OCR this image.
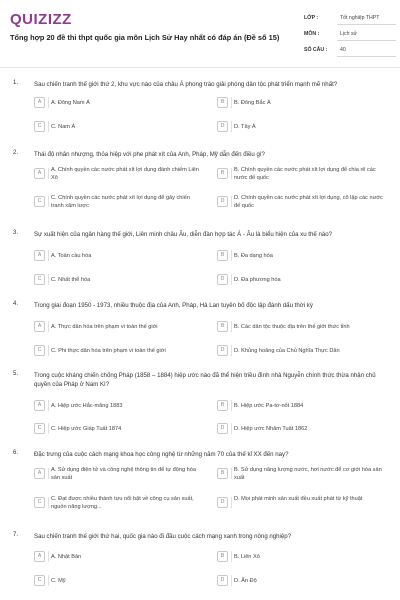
QUIZIZZ
Tổng hợp 20 đề thi thpt quốc gia môn Lịch Sử Hay nhất có đáp án (Đề số 15)
LỚP :	Tốt nghiệp THPT
MÔN :	Lịch sử
SỐ CÂU : 40
1.	Sau chiến tranh thế giới thứ 2, khu vực nào của châu Á phong trào giải phóng dân tộc phát triển mạnh mẽ nhất?
A	A. Đông Nam Á	B	B. Đông Bắc Á
C	C. Nam Á	D	D. Tây Á
2.	Thái độ nhân nhượng, thỏa hiệp với phe phát xít của Anh, Pháp, Mỹ dẫn đến điều gì?
A	A. Chính quyền các nước phát xít lợi dụng đánh chiếm Liên Xô
B	B. Chính quyền các nước phát xít lợi dụng để chia rẽ các nước đế quốc
C	C. Chính quyền các nước phát xít lợi dụng để gây chiến tranh xâm lược
D	D. Chính quyền các nước phát xít lợi dụng, cô lập các nước đế quốc
3.	Sự xuất hiện của ngân hàng thế giới, Liên minh châu Âu, diễn đàn hợp tác Á - Âu là biểu hiện của xu thế nào?
A	A. Toàn cầu hóa	B	B. Đa dạng hóa
C	C. Nhất thể hóa	D	D. Đa phương hóa
4.	Trong giai đoạn 1950 - 1973, nhiều thuộc địa của Anh, Pháp, Hà Lan tuyên bố độc lập đánh dấu thời kỳ
A	A. Thực dân hóa trên phạm vi toàn thế giới	B	B. Các dân tộc thuộc địa trên thế giới thức tỉnh
C	C. Phi thực dân hóa trên phạm vi toàn thế giới	D	D. Khủng hoảng của Chủ Nghĩa Thực Dân
5.	Trong cuộc kháng chiến chống Pháp (1858 – 1884) hiệp ước nào đã thể hiện triều đình nhà Nguyễn chính thức thừa nhận chủ quyền của Pháp ở Nam Kì?
A	A. Hiệp ước Hắc-măng 1883	B	B. Hiệp ước Pa-tơ-nốt 1884
C	C. Hiệp ước Giáp Tuất 1874	D	D. Hiệp ước Nhâm Tuất 1862
6.	Đặc trưng của cuộc cách mạng khoa học công nghệ từ những năm 70 của thế kỉ XX đến nay?
A	A. Sử dụng điện tử và công nghệ thông tin để tự động hóa sản xuất
B	B. Sử dụng năng lượng nước, hơi nước để cơ giới hóa sản xuất
C	C. Đạt được nhiều thành tựu nổi bật về công cụ sản xuất, nguồn năng lượng...
D	D. Mọi phát minh sản xuất đều xuất phát từ kỹ thuật
7.	Sau chiến tranh thế giới thứ hai, quốc gia nào đi đầu cuộc cách mạng xanh trong nông nghiệp?
A	A. Nhật Bản	B	B. Liên Xô
C	C. Mỹ	D	D. Ấn Độ
